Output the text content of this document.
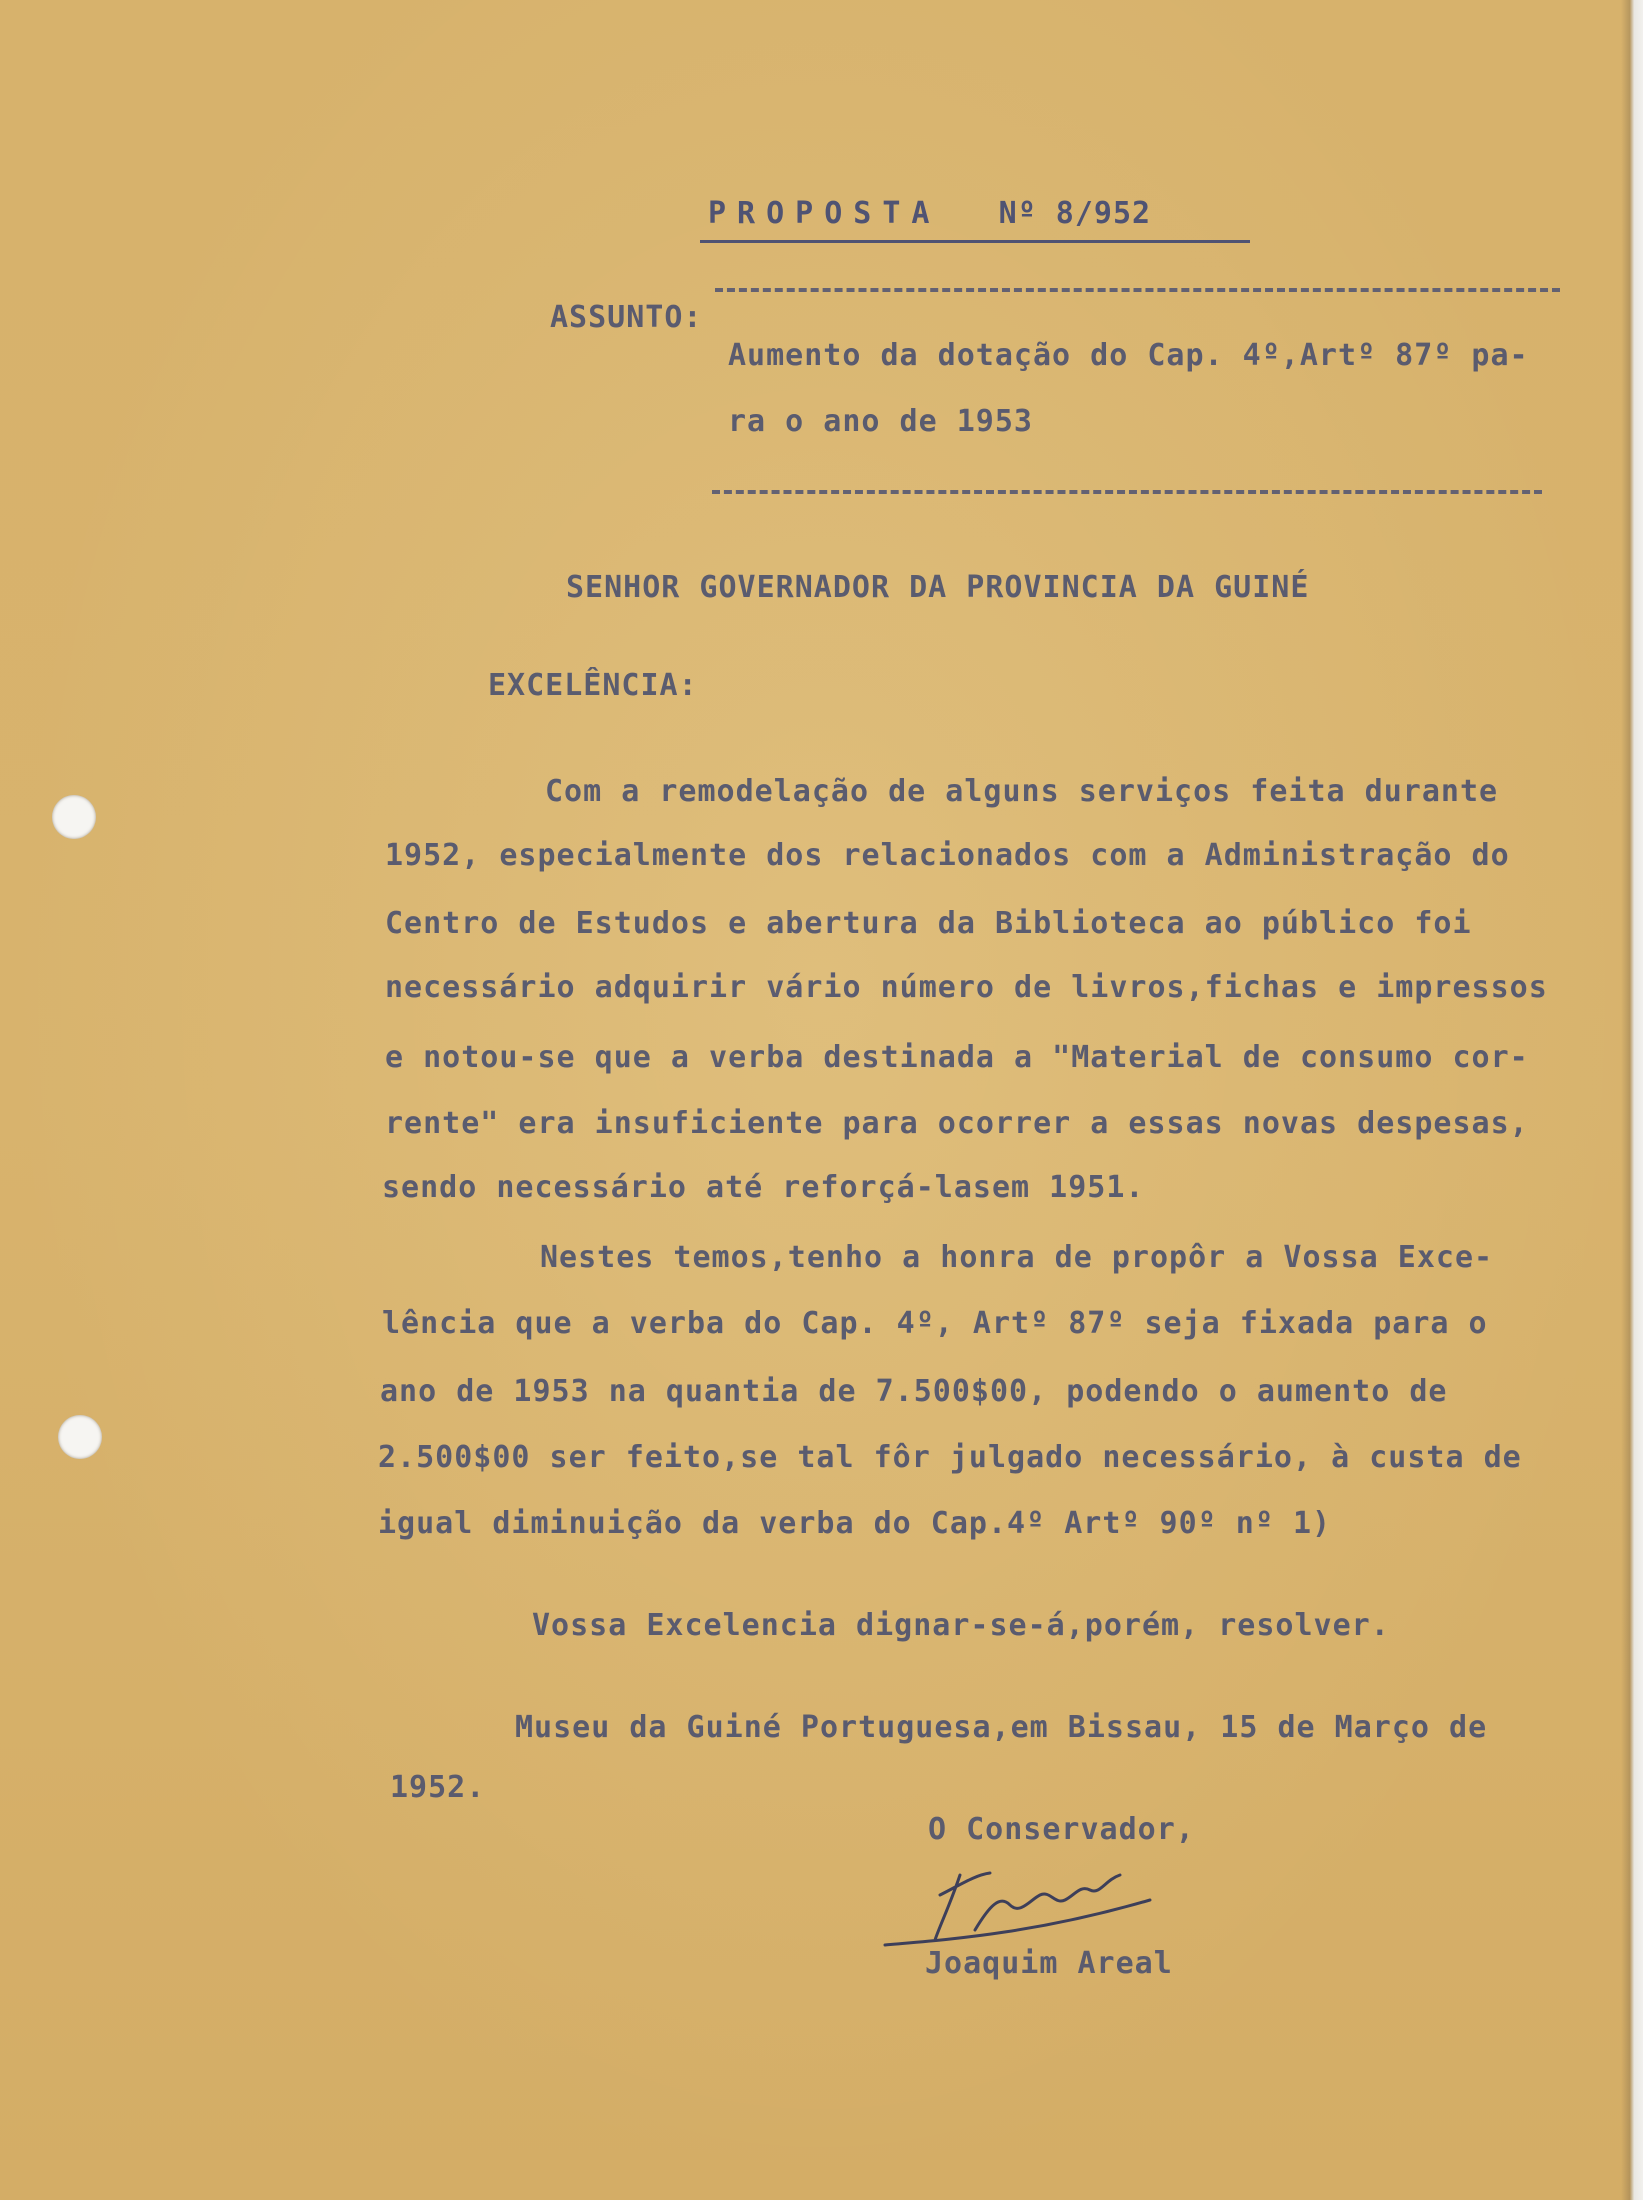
PROPOSTA Nº 8/952

ASSUNTO:

Aumento da dotação do Cap. 4º,Artº 87º pa-

ra o ano de 1953

SENHOR GOVERNADOR DA PROVINCIA DA GUINÉ

EXCELÊNCIA:

Com a remodelação de alguns serviços feita durante

1952, especialmente dos relacionados com a Administração do

Centro de Estudos e abertura da Biblioteca ao público foi

necessário adquirir vário número de livros,fichas e impressos

e notou-se que a verba destinada a "Material de consumo cor-

rente" era insuficiente para ocorrer a essas novas despesas,

sendo necessário até reforçá-lasem 1951.

Nestes temos,tenho a honra de propôr a Vossa Exce-

lência que a verba do Cap. 4º, Artº 87º seja fixada para o

ano de 1953 na quantia de 7.500$00, podendo o aumento de

2.500$00 ser feito,se tal fôr julgado necessário, à custa de

igual diminuição da verba do Cap.4º Artº 90º nº 1)

Vossa Excelencia dignar-se-á,porém, resolver.

Museu da Guiné Portuguesa,em Bissau, 15 de Março de

1952.

O Conservador,

Joaquim Areal
